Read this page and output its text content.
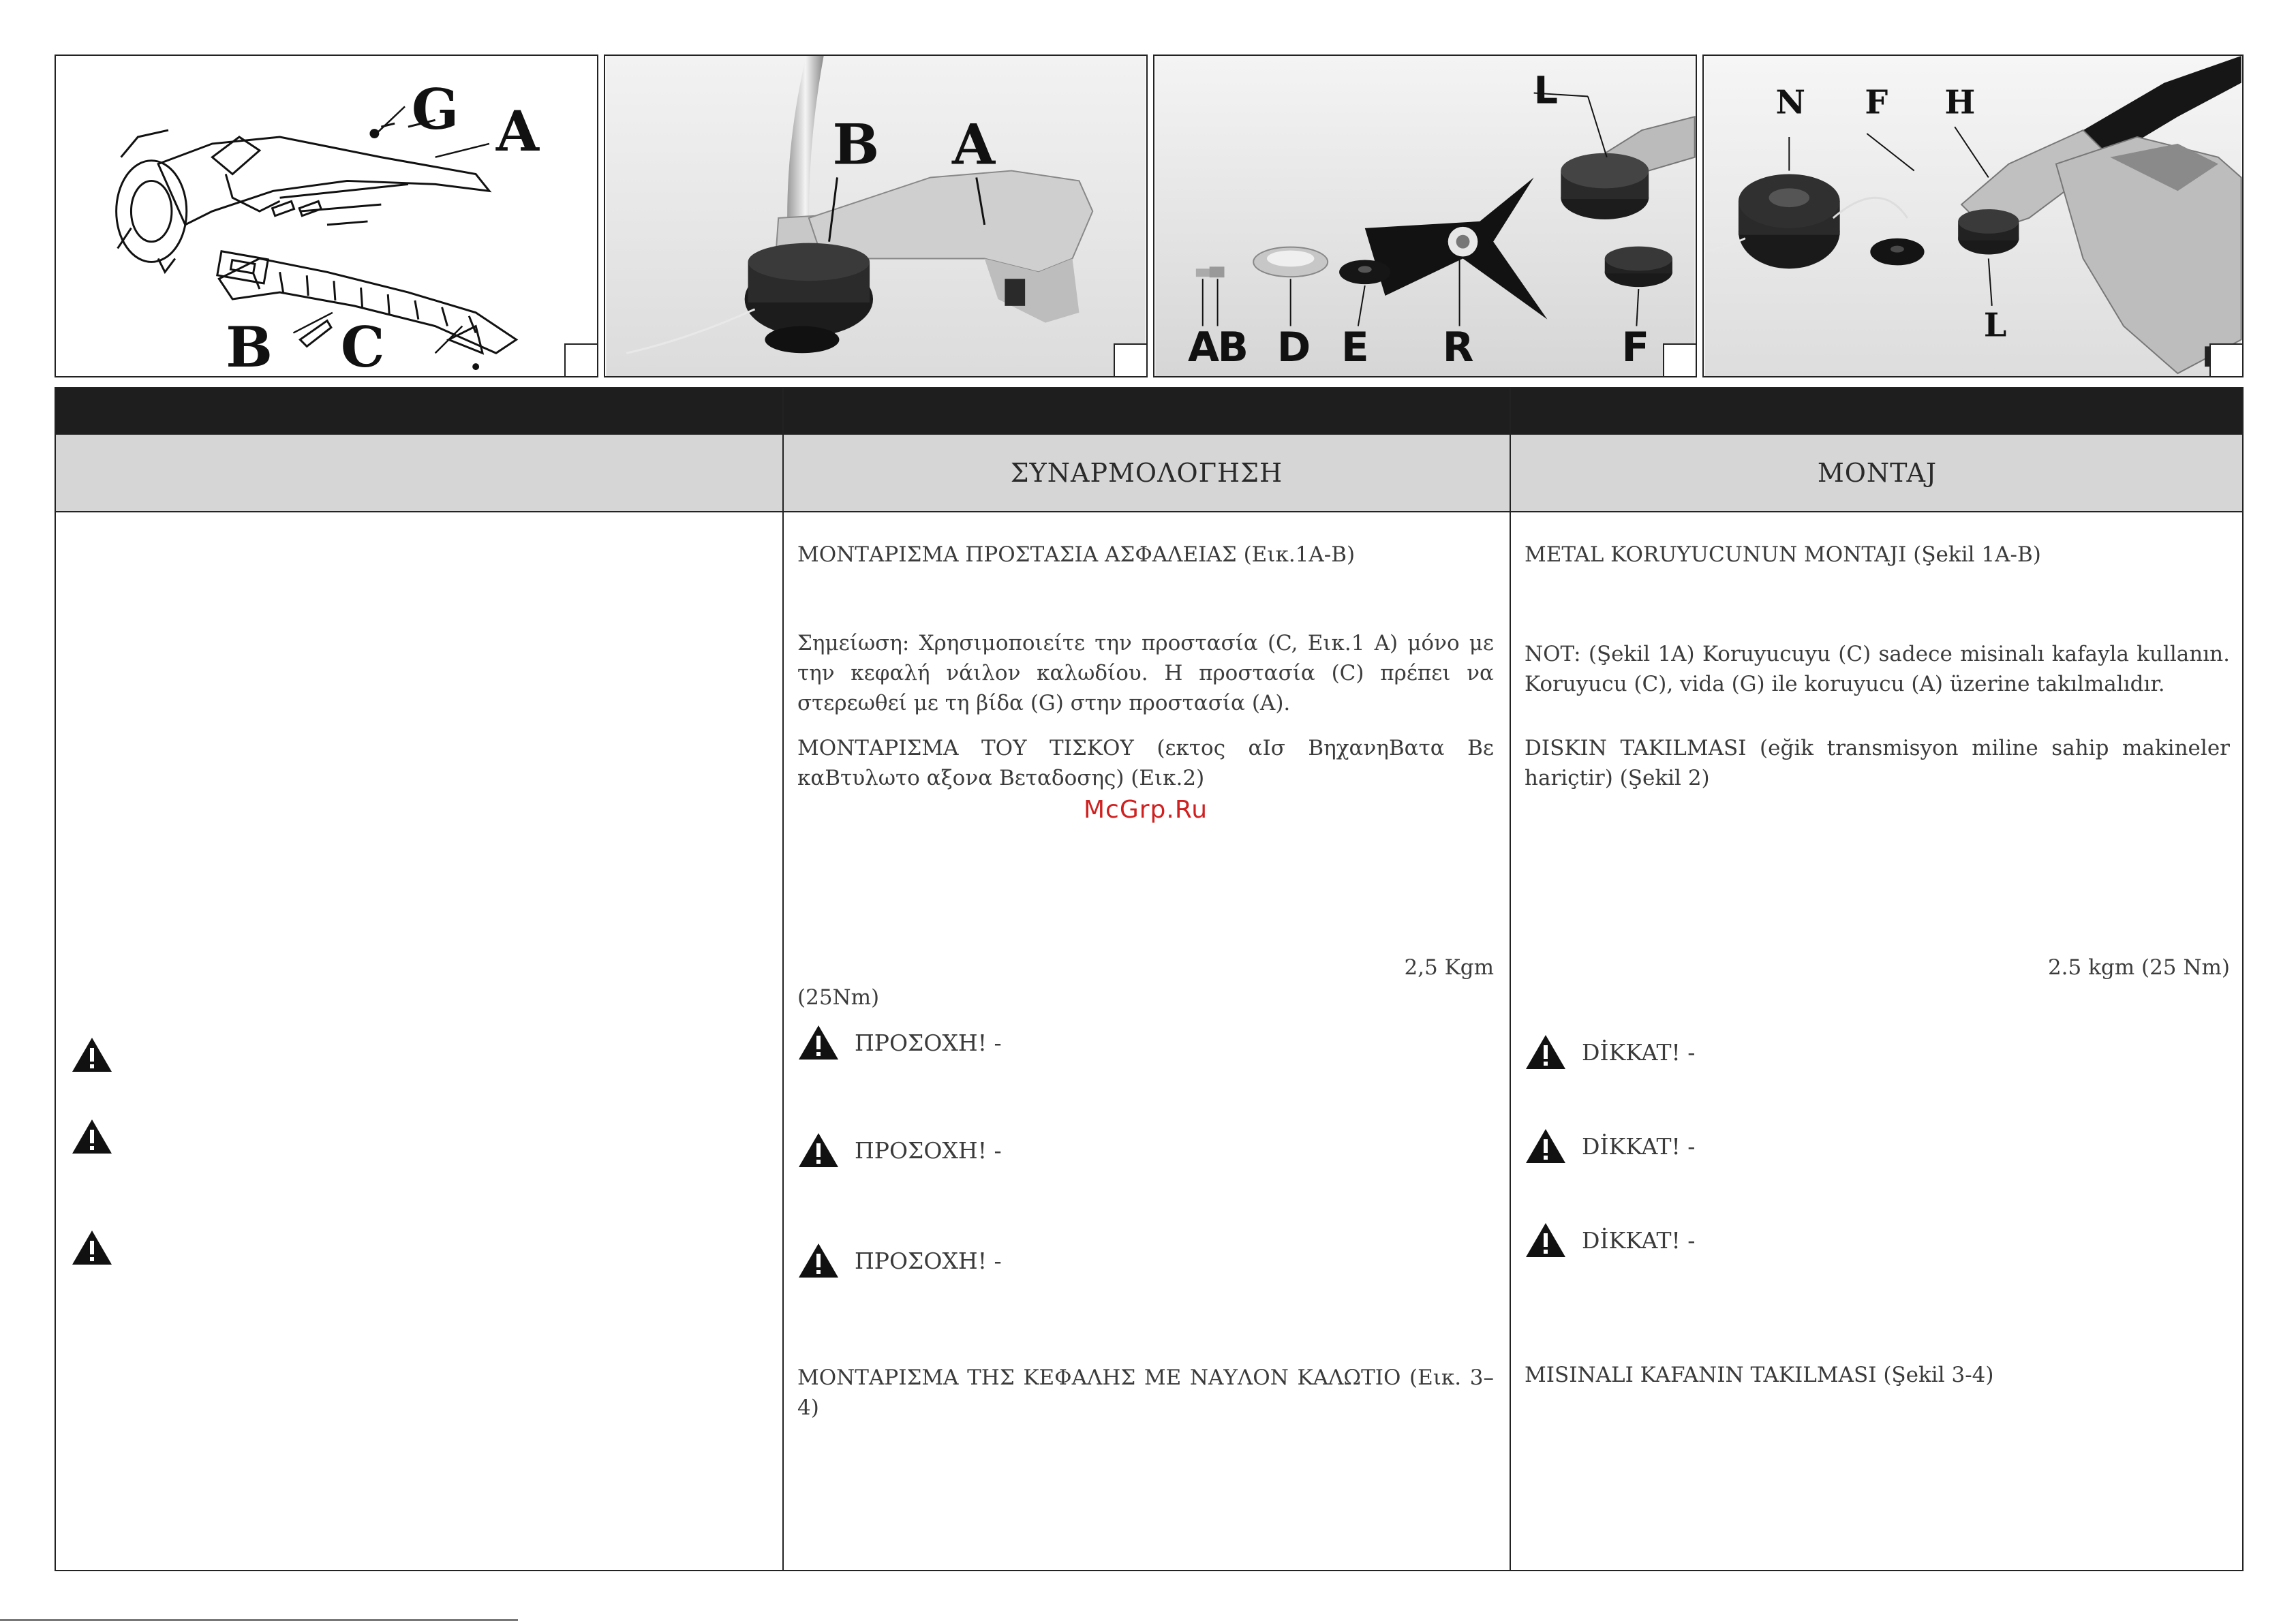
G A
B C
B A
L
A
B D E R	F
N F H
L
ΣΥΝΑΡΜΟΛΟΓΗΣΗ	MONTAJ
ΜΟΝΤΑΡΙΣΜΑ ΠΡΟΣΤΑΣΙΑ ΑΣΦΑΛΕΙΑΣ (Εικ.1Α-Β)
Σημείωση: Χρησιμοποιείτε την προστασία (C, Εικ.1 Α) μόνο με την κεφαλή νάιλον καλωδίου. Η προστασία (C) πρέπει να στερεωθεί με τη βίδα (G) στην προστασία (Α).
ΜΟΝΤΑΡΙΣΜΑ ΤΟΥ ΤΙΣΚΟΥ (εκτος αΙσ ΒηχανηΒατα Βε καΒτυλωτο αξονα Βεταδοσης) (Εικ.2)
2,5 Kgm
(25Nm)
ΠΡΟΣΟΧΗ! -
ΠΡΟΣΟΧΗ! -
ΠΡΟΣΟΧΗ! -
ΜΟΝΤΑΡΙΣΜΑ ΤΗΣ ΚΕΦΑΛΗΣ ΜΕ ΝΑΥΛΟΝ ΚΑΛΩΤΙΟ (Εικ. 3–4)
METAL KORUYUCUNUN MONTAJI (Şekil 1A-B)
NOT: (Şekil 1A) Koruyucuyu (C) sadece misinalı kafayla kullanın. Koruyucu (C), vida (G) ile koruyucu (A) üzerine takılmalıdır.
DISKIN TAKILMASI (eğik transmisyon miline sahip makineler hariçtir) (Şekil 2)
2.5 kgm (25 Nm)
DİKKAT! -
DİKKAT! -
DİKKAT! -
MISINALI KAFANIN TAKILMASI (Şekil 3-4)
McGrp.Ru
